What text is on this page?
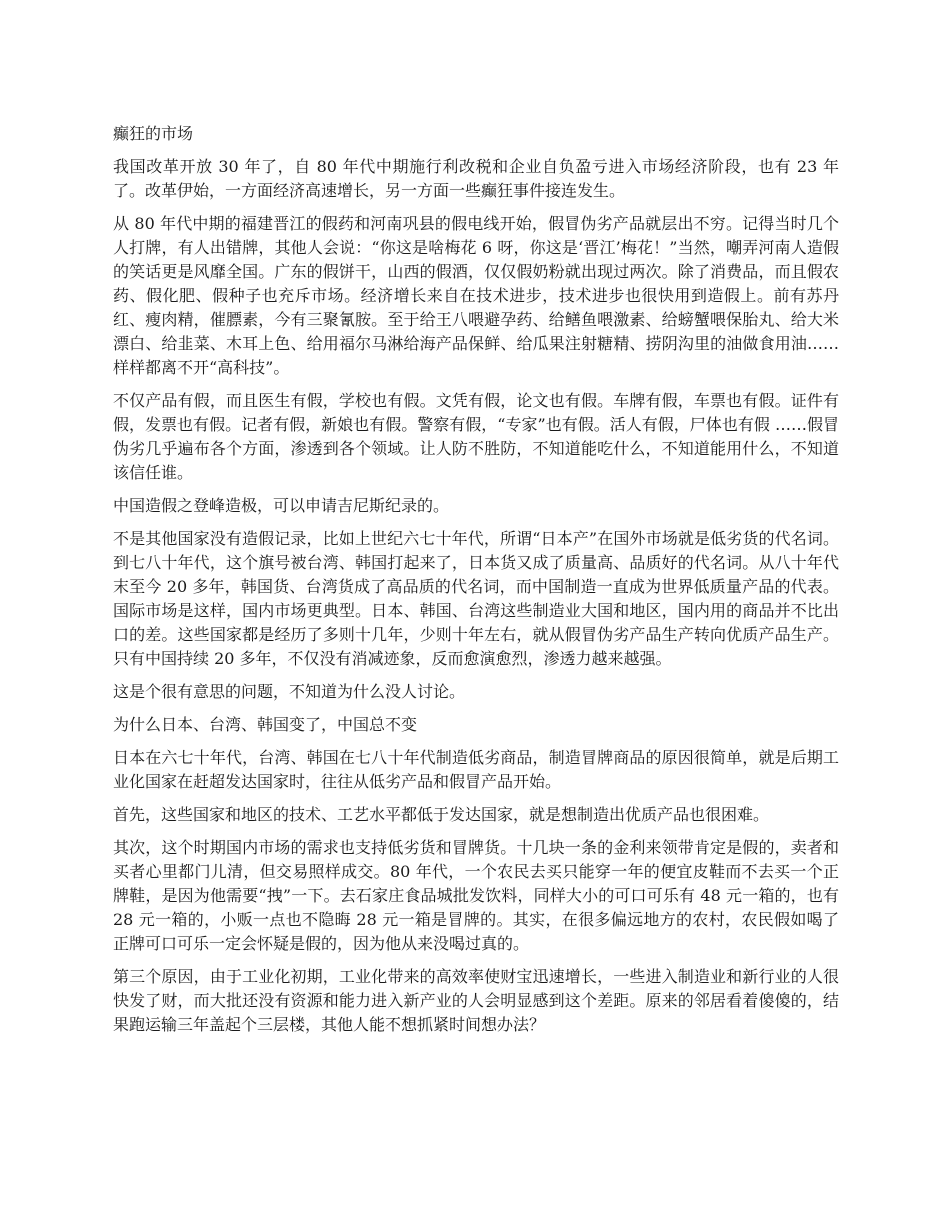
癫狂的市场

我国改革开放 30 年了，自 80 年代中期施行利改税和企业自负盈亏进入市场经济阶段，也有 23 年了。改革伊始，一方面经济高速增长，另一方面一些癫狂事件接连发生。

从 80 年代中期的福建晋江的假药和河南巩县的假电线开始，假冒伪劣产品就层出不穷。记得当时几个人打牌，有人出错牌，其他人会说：“你这是啥梅花 6 呀，你这是‘晋江’梅花！”当然，嘲弄河南人造假的笑话更是风靡全国。广东的假饼干，山西的假酒，仅仅假奶粉就出现过两次。除了消费品，而且假农药、假化肥、假种子也充斥市场。经济增长来自在技术进步，技术进步也很快用到造假上。前有苏丹红、瘦肉精，催膘素，今有三聚氰胺。至于给王八喂避孕药、给鳝鱼喂激素、给螃蟹喂保胎丸、给大米漂白、给韭菜、木耳上色、给用福尔马淋给海产品保鲜、给瓜果注射糖精、捞阴沟里的油做食用油……样样都离不开“高科技”。

不仅产品有假，而且医生有假，学校也有假。文凭有假，论文也有假。车牌有假，车票也有假。证件有假，发票也有假。记者有假，新娘也有假。警察有假，“专家”也有假。活人有假，尸体也有假 ……假冒伪劣几乎遍布各个方面，渗透到各个领域。让人防不胜防，不知道能吃什么，不知道能用什么，不知道该信任谁。

中国造假之登峰造极，可以申请吉尼斯纪录的。

不是其他国家没有造假记录，比如上世纪六七十年代，所谓“日本产”在国外市场就是低劣货的代名词。到七八十年代，这个旗号被台湾、韩国打起来了，日本货又成了质量高、品质好的代名词。从八十年代末至今 20 多年，韩国货、台湾货成了高品质的代名词，而中国制造一直成为世界低质量产品的代表。国际市场是这样，国内市场更典型。日本、韩国、台湾这些制造业大国和地区，国内用的商品并不比出口的差。这些国家都是经历了多则十几年，少则十年左右，就从假冒伪劣产品生产转向优质产品生产。只有中国持续 20 多年，不仅没有消减迹象，反而愈演愈烈，渗透力越来越强。

这是个很有意思的问题，不知道为什么没人讨论。

为什么日本、台湾、韩国变了，中国总不变

日本在六七十年代，台湾、韩国在七八十年代制造低劣商品，制造冒牌商品的原因很简单，就是后期工业化国家在赶超发达国家时，往往从低劣产品和假冒产品开始。

首先，这些国家和地区的技术、工艺水平都低于发达国家，就是想制造出优质产品也很困难。

其次，这个时期国内市场的需求也支持低劣货和冒牌货。十几块一条的金利来领带肯定是假的，卖者和买者心里都门儿清，但交易照样成交。80 年代，一个农民去买只能穿一年的便宜皮鞋而不去买一个正牌鞋，是因为他需要“拽”一下。去石家庄食品城批发饮料，同样大小的可口可乐有 48 元一箱的，也有 28 元一箱的，小贩一点也不隐晦 28 元一箱是冒牌的。其实，在很多偏远地方的农村，农民假如喝了正牌可口可乐一定会怀疑是假的，因为他从来没喝过真的。

第三个原因，由于工业化初期，工业化带来的高效率使财宝迅速增长，一些进入制造业和新行业的人很快发了财，而大批还没有资源和能力进入新产业的人会明显感到这个差距。原来的邻居看着傻傻的，结果跑运输三年盖起个三层楼，其他人能不想抓紧时间想办法？
